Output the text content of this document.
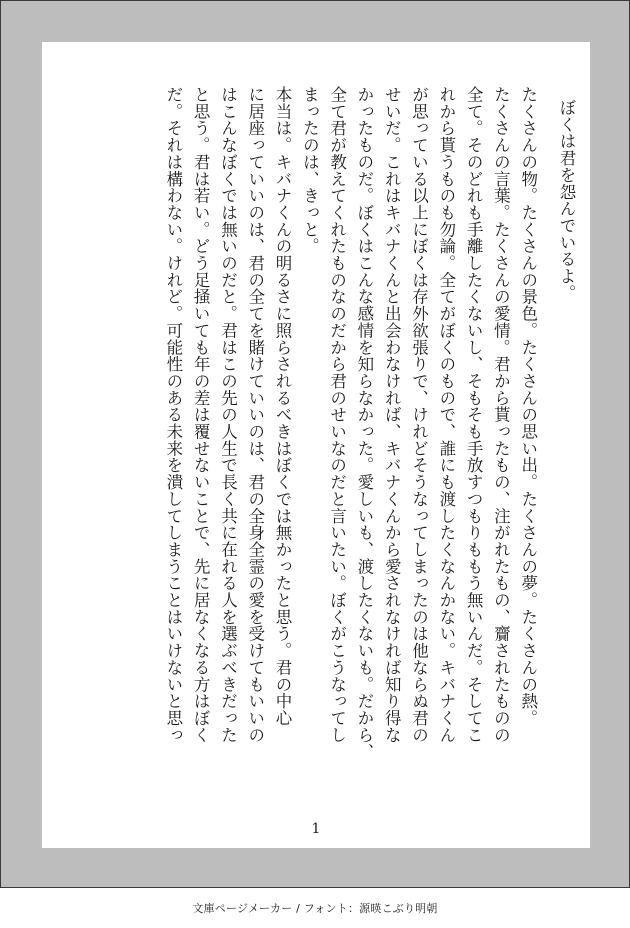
ぼくは君を怨んでいるよ。
たくさんの物。たくさんの景色。たくさんの思い出。たくさんの夢。たくさんの熱。
たくさんの言葉。たくさんの愛情。君から貰ったもの、注がれたもの、齎されたものの
全て。そのどれも手離したくないし、そもそも手放すつもりももう無いんだ。そしてこ
れから貰うものも勿論。全てがぼくのもので、誰にも渡したくなんかない。キバナくん
が思っている以上にぼくは存外欲張りで、けれどそうなってしまったのは他ならぬ君の
せいだ。これはキバナくんと出会わなければ、キバナくんから愛されなければ知り得な
かったものだ。ぼくはこんな感情を知らなかった。愛しいも、渡したくないも。だから、
全て君が教えてくれたものなのだから君のせいなのだと言いたい。ぼくがこうなってし
まったのは、きっと。
本当は。キバナくんの明るさに照らされるべきはぼくでは無かったと思う。君の中心
に居座っていいのは、君の全てを賭けていいのは、君の全身全霊の愛を受けてもいいの
はこんなぼくでは無いのだと。君はこの先の人生で長く共に在れる人を選ぶべきだった
と思う。君は若い。どう足掻いても年の差は覆せないことで、先に居なくなる方はぼく
だ。それは構わない。けれど。可能性のある未来を潰してしまうことはいけないと思っ
1
文庫ページメーカー / フォント：源暎こぶり明朝
